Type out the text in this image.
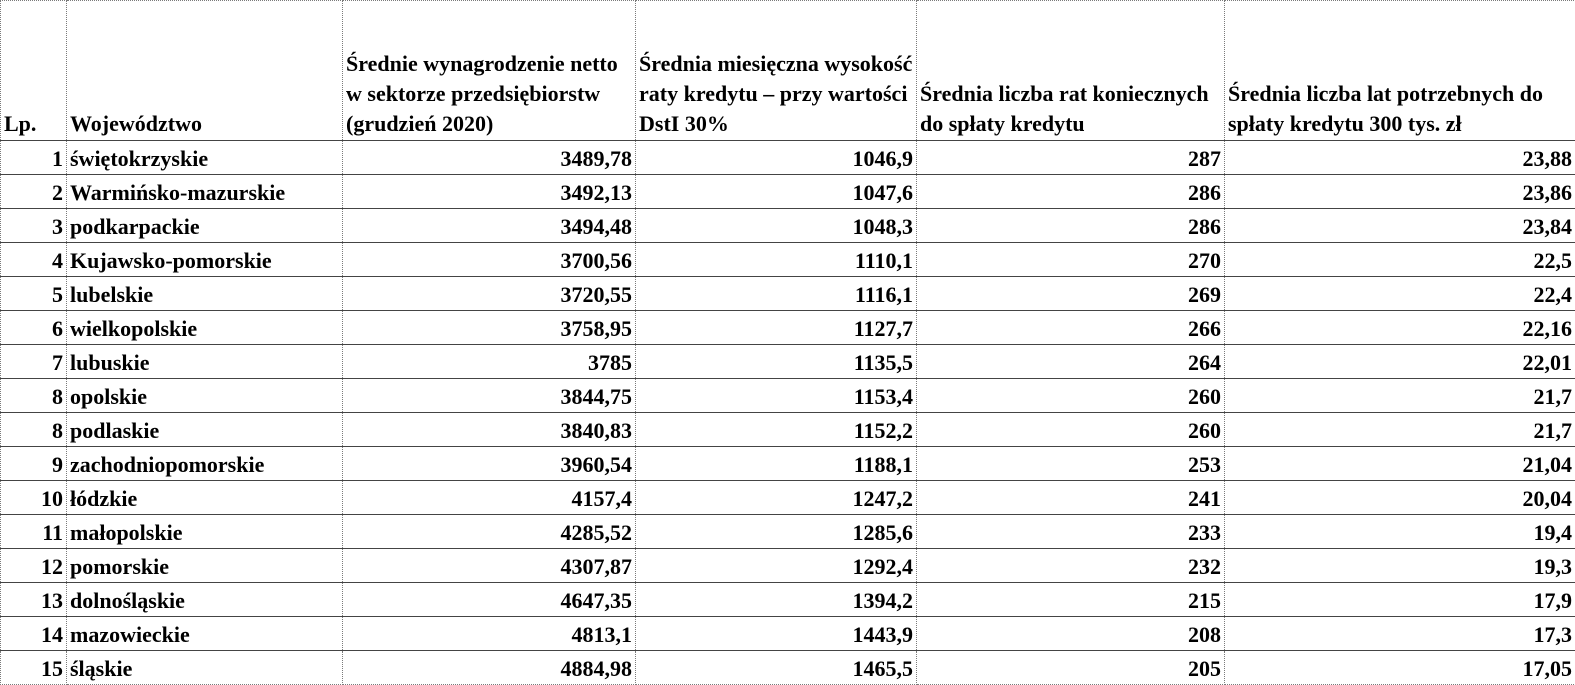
Lp.	Województwo	Średnie wynagrodzenie netto w sektorze przedsiębiorstw (grudzień 2020)	Średnia miesięczna wysokość raty kredytu – przy wartości DstI 30%	Średnia liczba rat koniecznych do spłaty kredytu	Średnia liczba lat potrzebnych do spłaty kredytu 300 tys. zł
1	świętokrzyskie	3489,78	1046,9	287	23,88
2	Warmińsko-mazurskie	3492,13	1047,6	286	23,86
3	podkarpackie	3494,48	1048,3	286	23,84
4	Kujawsko-pomorskie	3700,56	1110,1	270	22,5
5	lubelskie	3720,55	1116,1	269	22,4
6	wielkopolskie	3758,95	1127,7	266	22,16
7	lubuskie	3785	1135,5	264	22,01
8	opolskie	3844,75	1153,4	260	21,7
8	podlaskie	3840,83	1152,2	260	21,7
9	zachodniopomorskie	3960,54	1188,1	253	21,04
10	łódzkie	4157,4	1247,2	241	20,04
11	małopolskie	4285,52	1285,6	233	19,4
12	pomorskie	4307,87	1292,4	232	19,3
13	dolnośląskie	4647,35	1394,2	215	17,9
14	mazowieckie	4813,1	1443,9	208	17,3
15	śląskie	4884,98	1465,5	205	17,05
